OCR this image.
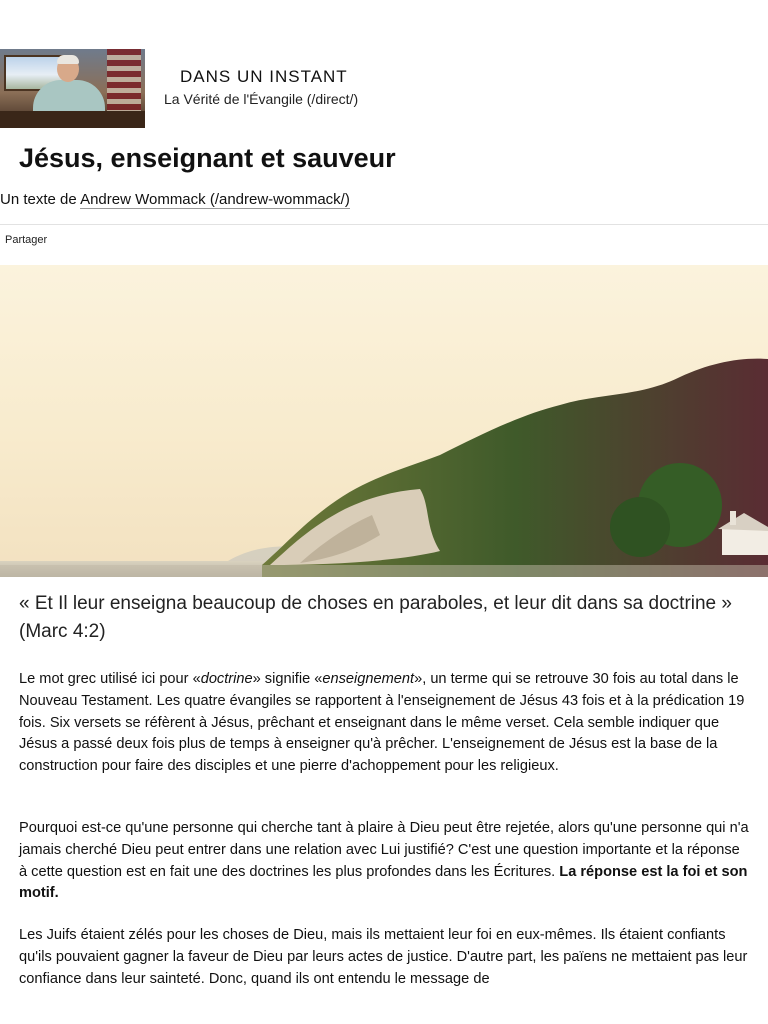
DANS UN INSTANT
La Vérité de l'Évangile (/direct/)
Jésus, enseignant et sauveur
Un texte de Andrew Wommack (/andrew-wommack/)
Partager
« Et Il leur enseigna beaucoup de choses en paraboles, et leur dit dans sa doctrine » (Marc 4:2)

Le mot grec utilisé ici pour «doctrine» signifie «enseignement», un terme qui se retrouve 30 fois au total dans le Nouveau Testament. Les quatre évangiles se rapportent à l'enseignement de Jésus 43 fois et à la prédication 19 fois. Six versets se réfèrent à Jésus, prêchant et enseignant dans le même verset. Cela semble indiquer que Jésus a passé deux fois plus de temps à enseigner qu'à prêcher. L'enseignement de Jésus est la base de la construction pour faire des disciples et une pierre d'achoppement pour les religieux.

Pourquoi est-ce qu'une personne qui cherche tant à plaire à Dieu peut être rejetée, alors qu'une personne qui n'a jamais cherché Dieu peut entrer dans une relation avec Lui justifié? C'est une question importante et la réponse à cette question est en fait une des doctrines les plus profondes dans les Écritures. La réponse est la foi et son motif.

Les Juifs étaient zélés pour les choses de Dieu, mais ils mettaient leur foi en eux-mêmes. Ils étaient confiants qu'ils pouvaient gagner la faveur de Dieu par leurs actes de justice. D'autre part, les païens ne mettaient pas leur confiance dans leur sainteté. Donc, quand ils ont entendu le message de
